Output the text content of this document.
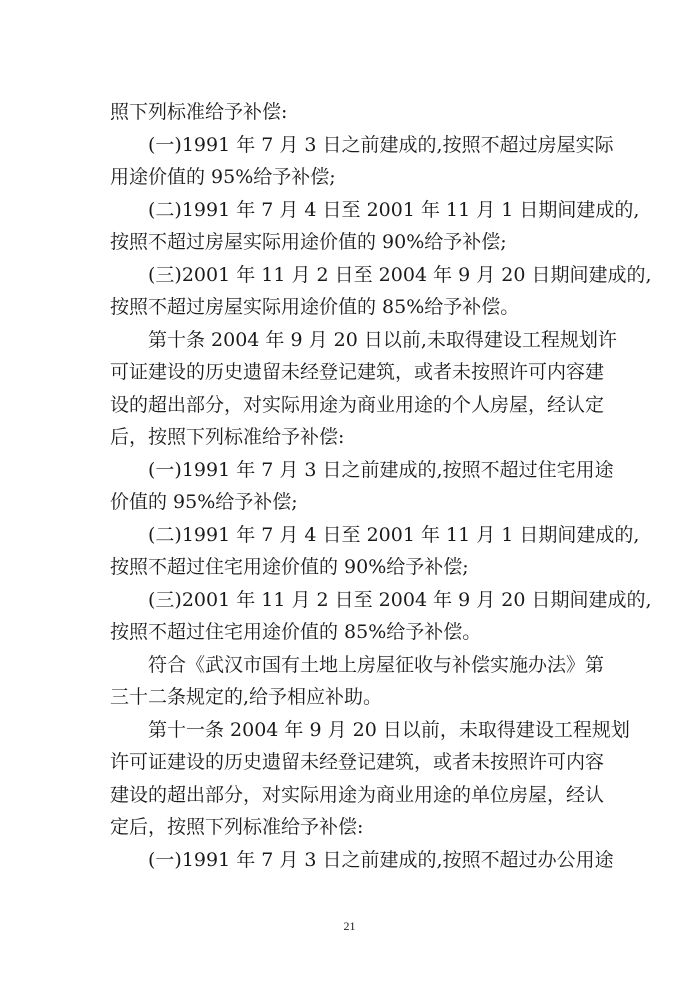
照下列标准给予补偿:
(一)1991 年 7 月 3 日之前建成的,按照不超过房屋实际
用途价值的 95%给予补偿;
(二)1991 年 7 月 4 日至 2001 年 11 月 1 日期间建成的,
按照不超过房屋实际用途价值的 90%给予补偿;
(三)2001 年 11 月 2 日至 2004 年 9 月 20 日期间建成的,
按照不超过房屋实际用途价值的 85%给予补偿。
第十条 2004 年 9 月 20 日以前,未取得建设工程规划许
可证建设的历史遗留未经登记建筑，或者未按照许可内容建
设的超出部分，对实际用途为商业用途的个人房屋，经认定
后，按照下列标准给予补偿:
(一)1991 年 7 月 3 日之前建成的,按照不超过住宅用途
价值的 95%给予补偿;
(二)1991 年 7 月 4 日至 2001 年 11 月 1 日期间建成的,
按照不超过住宅用途价值的 90%给予补偿;
(三)2001 年 11 月 2 日至 2004 年 9 月 20 日期间建成的,
按照不超过住宅用途价值的 85%给予补偿。
符合《武汉市国有土地上房屋征收与补偿实施办法》第
三十二条规定的,给予相应补助。
第十一条 2004 年 9 月 20 日以前，未取得建设工程规划
许可证建设的历史遗留未经登记建筑，或者未按照许可内容
建设的超出部分，对实际用途为商业用途的单位房屋，经认
定后，按照下列标准给予补偿:
(一)1991 年 7 月 3 日之前建成的,按照不超过办公用途
21
